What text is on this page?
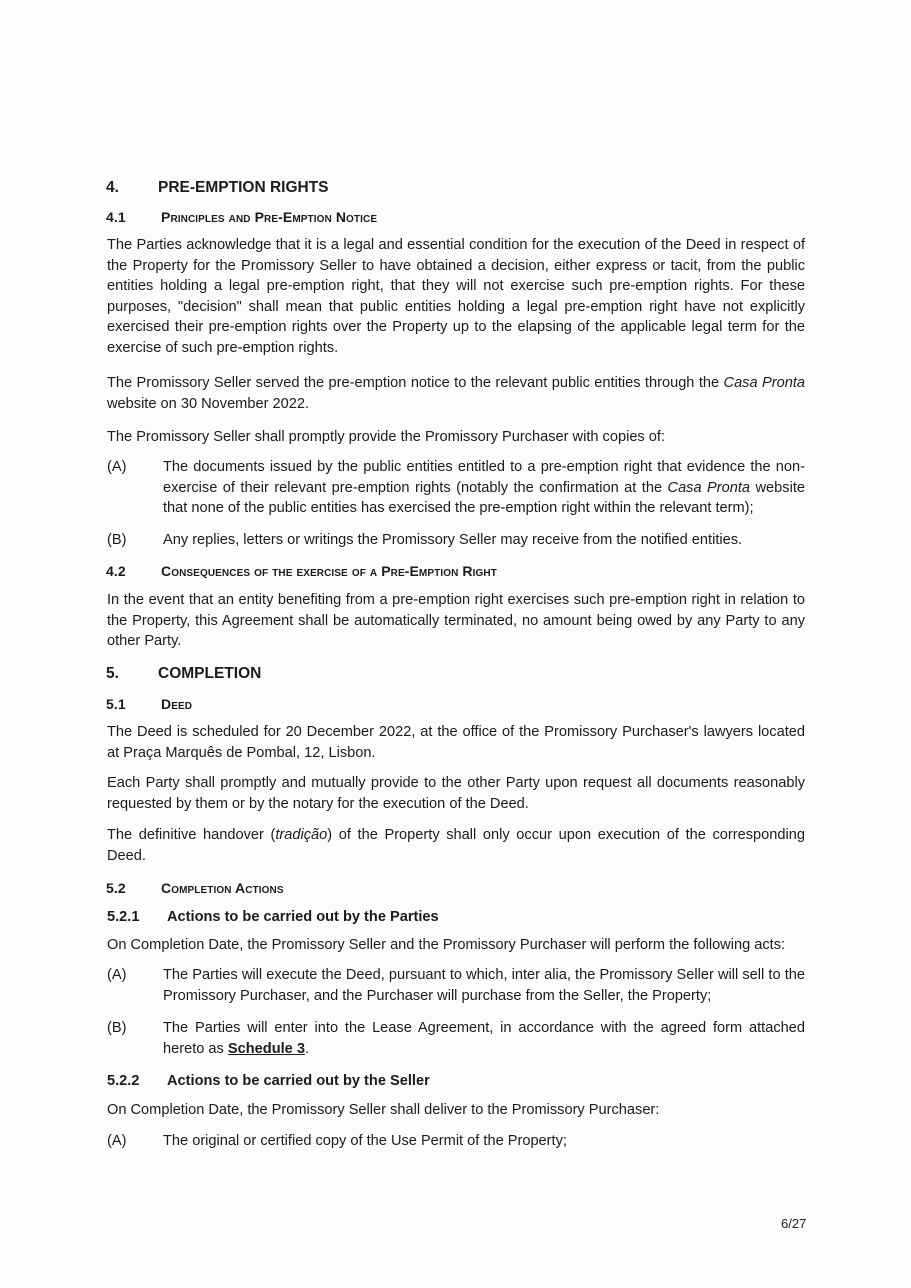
4.	PRE-EMPTION RIGHTS
4.1	Principles and Pre-Emption Notice

The Parties acknowledge that it is a legal and essential condition for the execution of the Deed in respect of the Property for the Promissory Seller to have obtained a decision, either express or tacit, from the public entities holding a legal pre-emption right, that they will not exercise such pre-emption rights. For these purposes, "decision" shall mean that public entities holding a legal pre-emption right have not explicitly exercised their pre-emption rights over the Property up to the elapsing of the applicable legal term for the exercise of such pre-emption rights.

The Promissory Seller served the pre-emption notice to the relevant public entities through the Casa Pronta website on 30 November 2022.

The Promissory Seller shall promptly provide the Promissory Purchaser with copies of:

(A)	The documents issued by the public entities entitled to a pre-emption right that evidence the non-exercise of their relevant pre-emption rights (notably the confirmation at the Casa Pronta website that none of the public entities has exercised the pre-emption right within the relevant term);
(B)	Any replies, letters or writings the Promissory Seller may receive from the notified entities.
4.2	Consequences of the exercise of a Pre-Emption Right

In the event that an entity benefiting from a pre-emption right exercises such pre-emption right in relation to the Property, this Agreement shall be automatically terminated, no amount being owed by any Party to any other Party.

5.	COMPLETION
5.1	Deed

The Deed is scheduled for 20 December 2022, at the office of the Promissory Purchaser's lawyers located at Praça Marquês de Pombal, 12, Lisbon.

Each Party shall promptly and mutually provide to the other Party upon request all documents reasonably requested by them or by the notary for the execution of the Deed.

The definitive handover (tradição) of the Property shall only occur upon execution of the corresponding Deed.

5.2	Completion Actions
5.2.1 Actions to be carried out by the Parties

On Completion Date, the Promissory Seller and the Promissory Purchaser will perform the following acts:

(A)	The Parties will execute the Deed, pursuant to which, inter alia, the Promissory Seller will sell to the Promissory Purchaser, and the Purchaser will purchase from the Seller, the Property;
(B)	The Parties will enter into the Lease Agreement, in accordance with the agreed form attached hereto as Schedule 3.
5.2.2 Actions to be carried out by the Seller

On Completion Date, the Promissory Seller shall deliver to the Promissory Purchaser:

(A)	The original or certified copy of the Use Permit of the Property;
6/27
